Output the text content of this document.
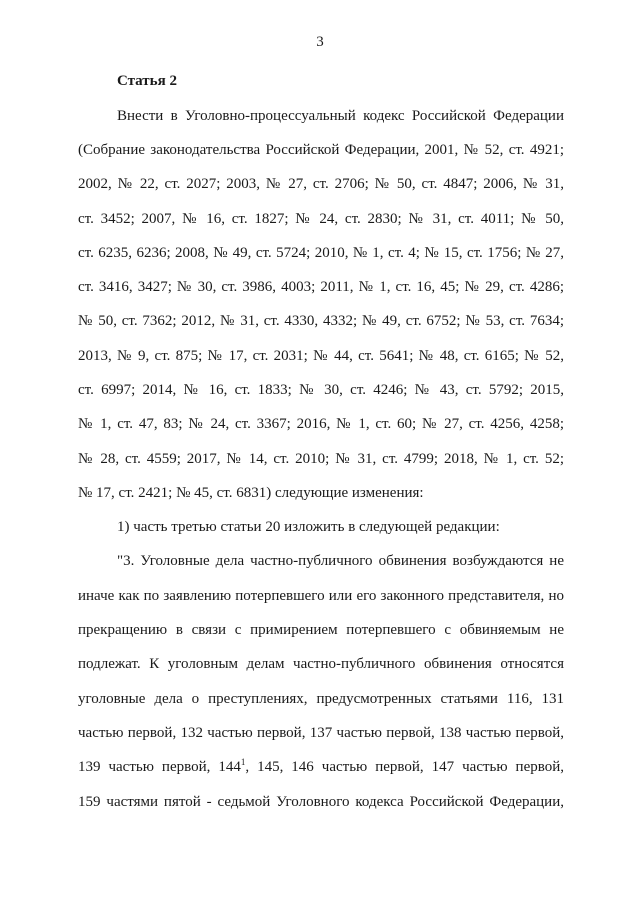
3
Статья 2
Внести в Уголовно-процессуальный кодекс Российской Федерации
(Собрание законодательства Российской Федерации, 2001, № 52, ст. 4921;
2002, № 22, ст. 2027; 2003, № 27, ст. 2706; № 50, ст. 4847; 2006, № 31,
ст. 3452; 2007, № 16, ст. 1827; № 24, ст. 2830; № 31, ст. 4011; № 50,
ст. 6235, 6236; 2008, № 49, ст. 5724; 2010, № 1, ст. 4; № 15, ст. 1756; № 27,
ст. 3416, 3427; № 30, ст. 3986, 4003; 2011, № 1, ст. 16, 45; № 29, ст. 4286;
№ 50, ст. 7362; 2012, № 31, ст. 4330, 4332; № 49, ст. 6752; № 53, ст. 7634;
2013, № 9, ст. 875; № 17, ст. 2031; № 44, ст. 5641; № 48, ст. 6165; № 52,
ст. 6997; 2014, № 16, ст. 1833; № 30, ст. 4246; № 43, ст. 5792; 2015,
№ 1, ст. 47, 83; № 24, ст. 3367; 2016, № 1, ст. 60; № 27, ст. 4256, 4258;
№ 28, ст. 4559; 2017, № 14, ст. 2010; № 31, ст. 4799; 2018, № 1, ст. 52;
№ 17, ст. 2421; № 45, ст. 6831) следующие изменения:
1) часть третью статьи 20 изложить в следующей редакции:
"3. Уголовные дела частно-публичного обвинения возбуждаются не
иначе как по заявлению потерпевшего или его законного представителя, но
прекращению в связи с примирением потерпевшего с обвиняемым не
подлежат. К уголовным делам частно-публичного обвинения относятся
уголовные дела о преступлениях, предусмотренных статьями 116, 131
частью первой, 132 частью первой, 137 частью первой, 138 частью первой,
139 частью первой, $144^1$, 145, 146 частью первой, 147 частью первой,
159 частями пятой - седьмой Уголовного кодекса Российской Федерации,
